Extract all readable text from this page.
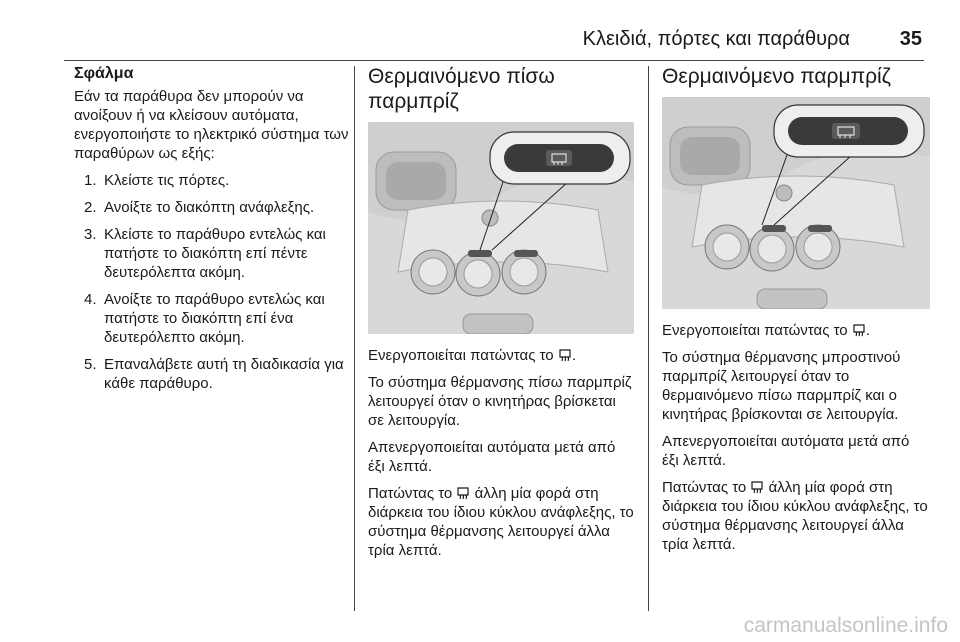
Κλειδιά, πόρτες και παράθυρα 35
Σφάλμα

Εάν τα παράθυρα δεν μπορούν να ανοίξουν ή να κλείσουν αυτόματα, ενεργοποιήστε το ηλεκτρικό σύστημα των παραθύρων ως εξής:

1. Κλείστε τις πόρτες.
2. Ανοίξτε το διακόπτη ανάφλεξης.
3. Κλείστε το παράθυρο εντελώς και πατήστε το διακόπτη επί πέντε δευτερόλεπτα ακόμη.
4. Ανοίξτε το παράθυρο εντελώς και πατήστε το διακόπτη επί ένα δευτερόλεπτο ακόμη.
5. Επαναλάβετε αυτή τη διαδικασία για κάθε παράθυρο.
Θερμαινόμενο πίσω παρμπρίζ

Ενεργοποιείται πατώντας το .

Το σύστημα θέρμανσης πίσω παρμπρίζ λειτουργεί όταν ο κινητήρας βρίσκεται σε λειτουργία.

Απενεργοποιείται αυτόματα μετά από έξι λεπτά.

Πατώντας το άλλη μία φορά στη διάρκεια του ίδιου κύκλου ανάφλεξης, το σύστημα θέρμανσης λειτουργεί άλλα τρία λεπτά.

Θερμαινόμενο παρμπρίζ

Ενεργοποιείται πατώντας το .

Το σύστημα θέρμανσης μπροστινού παρμπρίζ λειτουργεί όταν το θερμαινόμενο πίσω παρμπρίζ και ο κινητήρας βρίσκονται σε λειτουργία.

Απενεργοποιείται αυτόματα μετά από έξι λεπτά.

Πατώντας το άλλη μία φορά στη διάρκεια του ίδιου κύκλου ανάφλεξης, το σύστημα θέρμανσης λειτουργεί άλλα τρία λεπτά.

carmanualsonline.info
